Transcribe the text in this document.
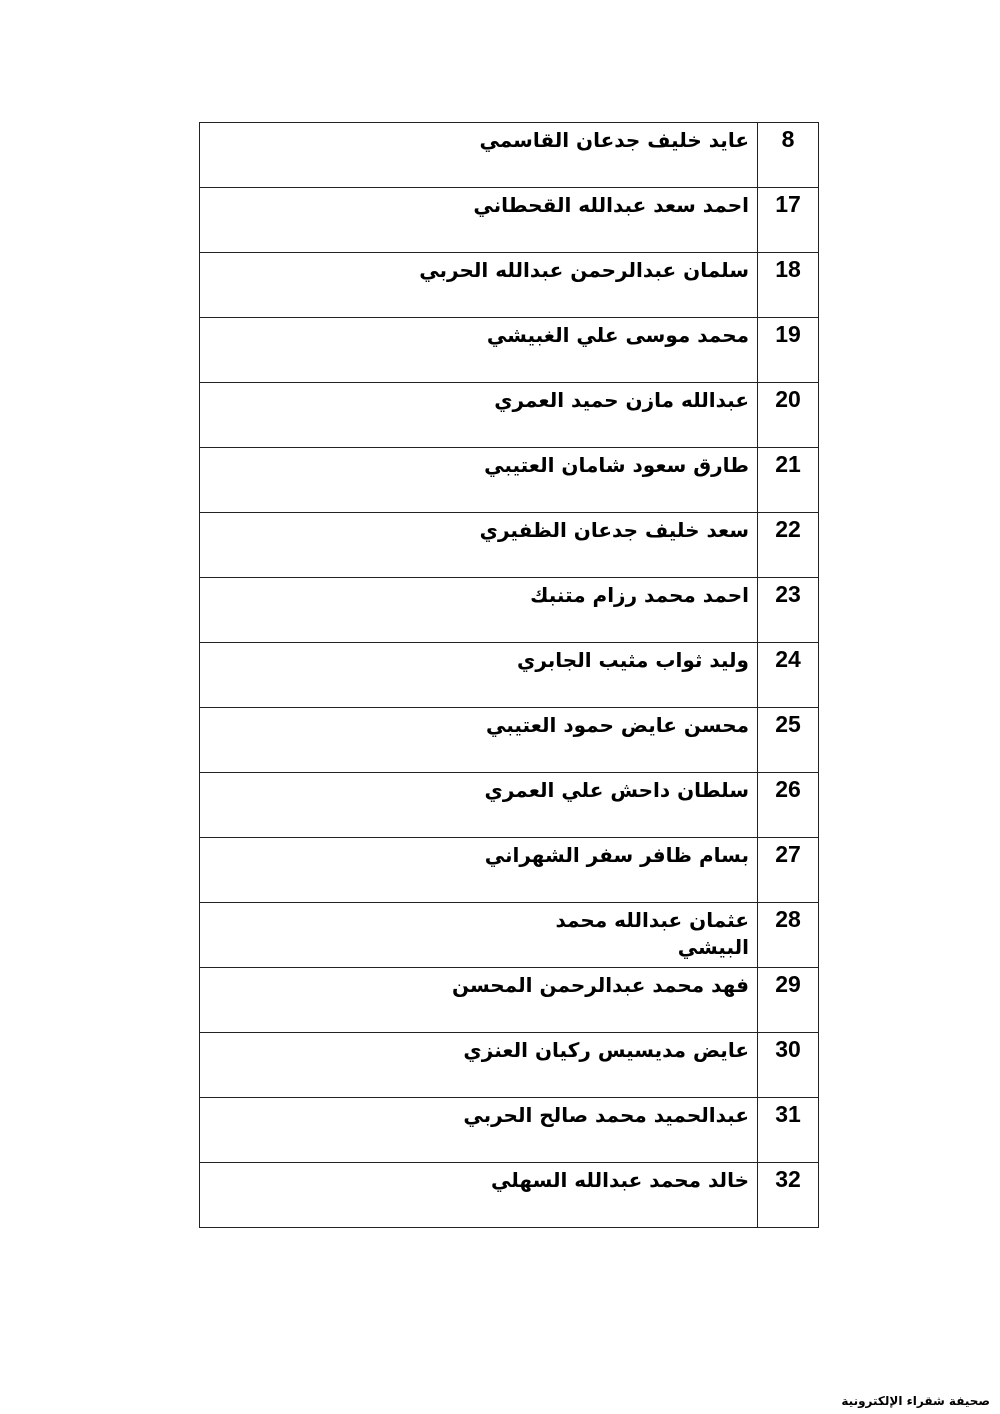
8	عايد خليف جدعان القاسمي
17	احمد سعد عبدالله القحطاني
18	سلمان عبدالرحمن عبدالله الحربي
19	محمد موسى علي الغبيشي
20	عبدالله مازن حميد العمري
21	طارق سعود شامان العتيبي
22	سعد خليف جدعان الظفيري
23	احمد محمد رزام متنبك
24	وليد ثواب مثيب الجابري
25	محسن عايض حمود العتيبي
26	سلطان داحش علي العمري
27	بسام ظافر سفر الشهراني
28	عثمان عبدالله محمد البيشي
29	فهد محمد عبدالرحمن المحسن
30	عايض مديسيس ركيان العنزي
31	عبدالحميد محمد صالح الحربي
32	خالد محمد عبدالله السهلي
صحيفة شقراء الإلكترونية
